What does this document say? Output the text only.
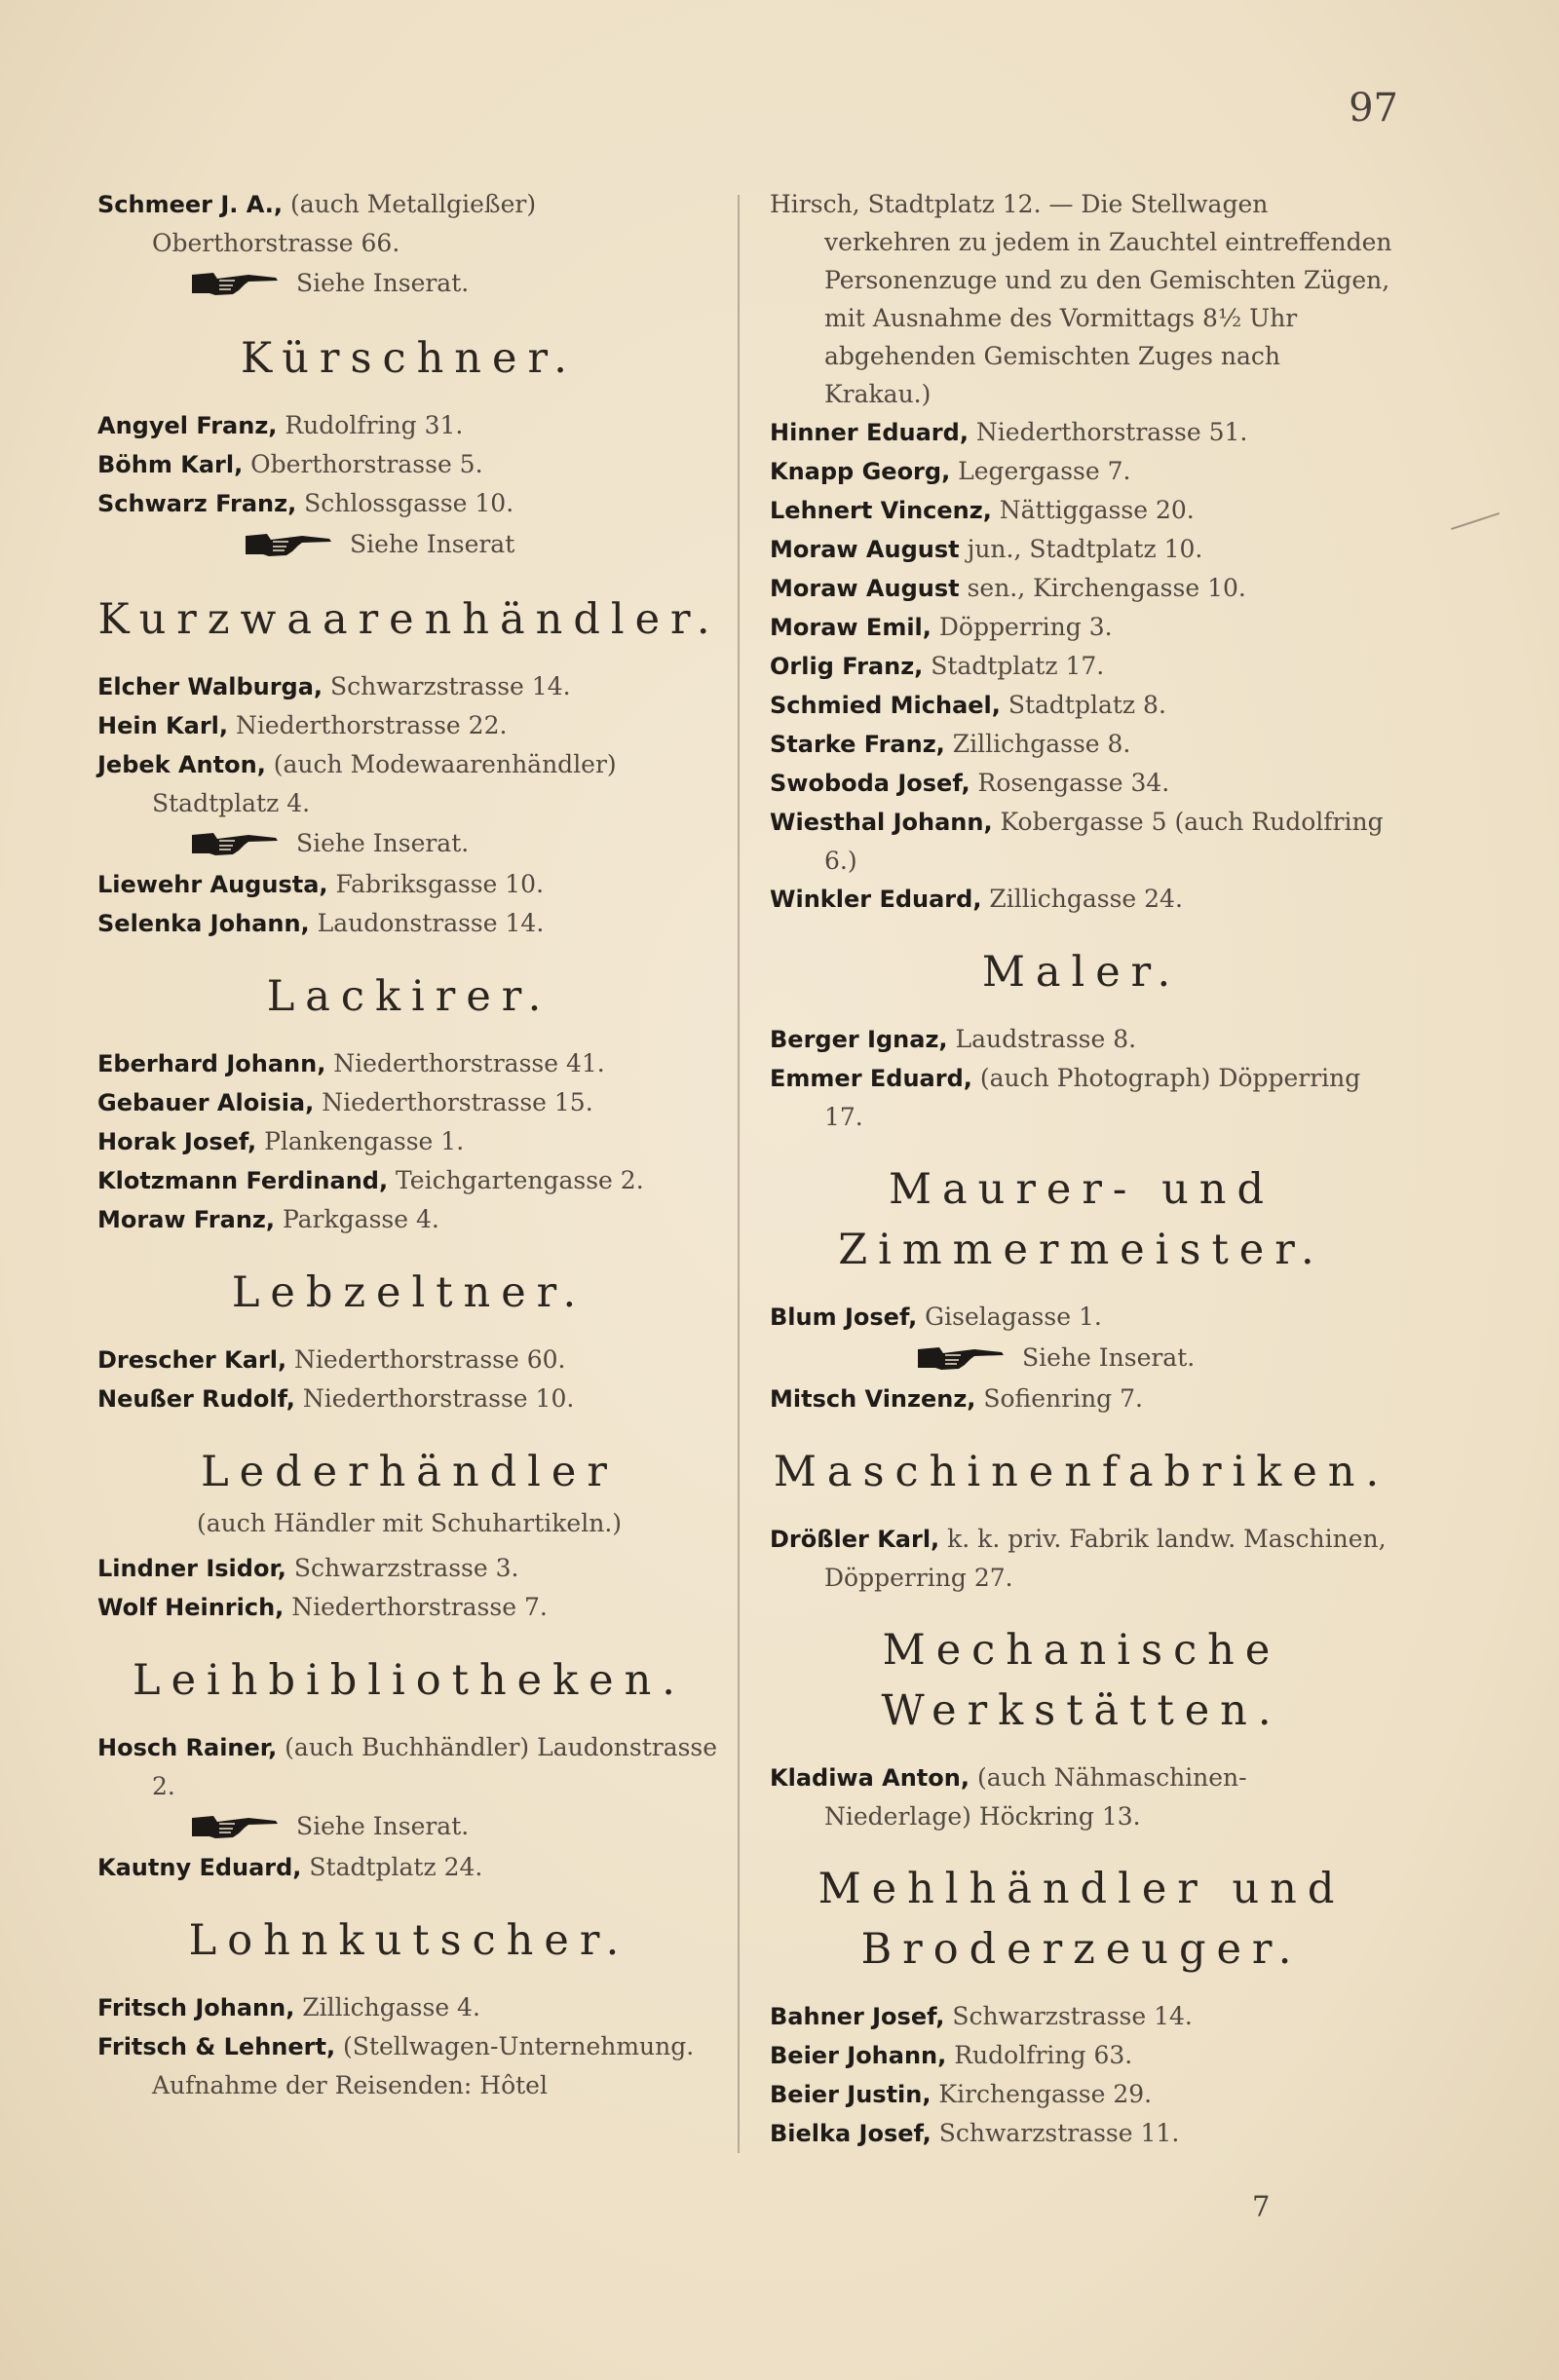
97
Schmeer J. A., (auch Metallgießer) Oberthorstrasse 66.
Siehe Inserat.
Kürschner.
Angyel Franz, Rudolfring 31.
Böhm Karl, Oberthorstrasse 5.
Schwarz Franz, Schlossgasse 10.
Siehe Inserat
Kurzwaarenhändler.
Elcher Walburga, Schwarzstrasse 14.
Hein Karl, Niederthorstrasse 22.
Jebek Anton, (auch Modewaarenhändler) Stadtplatz 4.
Siehe Inserat.
Liewehr Augusta, Fabriksgasse 10.
Selenka Johann, Laudonstrasse 14.
Lackirer.
Eberhard Johann, Niederthorstrasse 41.
Gebauer Aloisia, Niederthorstrasse 15.
Horak Josef, Plankengasse 1.
Klotzmann Ferdinand, Teichgartengasse 2.
Moraw Franz, Parkgasse 4.
Lebzeltner.
Drescher Karl, Niederthorstrasse 60.
Neußer Rudolf, Niederthorstrasse 10.
Lederhändler
(auch Händler mit Schuhartikeln.)
Lindner Isidor, Schwarzstrasse 3.
Wolf Heinrich, Niederthorstrasse 7.
Leihbibliotheken.
Hosch Rainer, (auch Buchhändler) Laudonstrasse 2.
Siehe Inserat.
Kautny Eduard, Stadtplatz 24.
Lohnkutscher.
Fritsch Johann, Zillichgasse 4.
Fritsch & Lehnert, (Stellwagen-Unternehmung. Aufnahme der Reisenden: Hôtel
Hirsch, Stadtplatz 12. — Die Stellwagen verkehren zu jedem in Zauchtel eintreffenden Personenzuge und zu den Gemischten Zügen, mit Ausnahme des Vormittags 8½ Uhr abgehenden Gemischten Zuges nach Krakau.)
Hinner Eduard, Niederthorstrasse 51.
Knapp Georg, Legergasse 7.
Lehnert Vincenz, Nättiggasse 20.
Moraw August jun., Stadtplatz 10.
Moraw August sen., Kirchengasse 10.
Moraw Emil, Döpperring 3.
Orlig Franz, Stadtplatz 17.
Schmied Michael, Stadtplatz 8.
Starke Franz, Zillichgasse 8.
Swoboda Josef, Rosengasse 34.
Wiesthal Johann, Kobergasse 5 (auch Rudolfring 6.)
Winkler Eduard, Zillichgasse 24.
Maler.
Berger Ignaz, Laudstrasse 8.
Emmer Eduard, (auch Photograph) Döpperring 17.
Maurer- und Zimmermeister.
Blum Josef, Giselagasse 1.
Siehe Inserat.
Mitsch Vinzenz, Sofienring 7.
Maschinenfabriken.
Drößler Karl, k. k. priv. Fabrik landw. Maschinen, Döpperring 27.
Mechanische Werkstätten.
Kladiwa Anton, (auch Nähmaschinen-Niederlage) Höckring 13.
Mehlhändler und Broderzeuger.
Bahner Josef, Schwarzstrasse 14.
Beier Johann, Rudolfring 63.
Beier Justin, Kirchengasse 29.
Bielka Josef, Schwarzstrasse 11.
7
